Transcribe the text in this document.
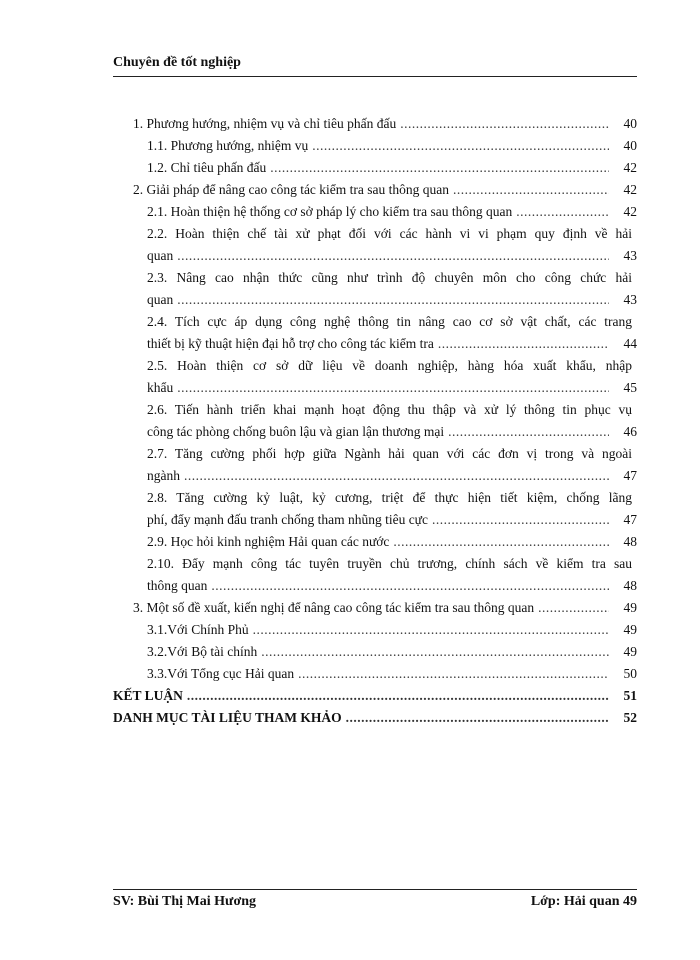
Chuyên đề tốt nghiệp
1. Phương hướng, nhiệm vụ và chỉ tiêu phấn đấu .....	40
1.1. Phương hướng, nhiệm vụ .....	40
1.2. Chỉ tiêu phấn đấu .....	42
2. Giải pháp để nâng cao công tác kiểm tra sau thông quan .....	42
2.1. Hoàn thiện hệ thống cơ sở pháp lý cho kiểm tra sau thông quan .....	42
2.2. Hoàn thiện chế tài xử phạt đối với các hành vi vi phạm quy định về hải
quan .....	43
2.3. Nâng cao nhận thức cũng như trình độ chuyên môn cho công chức hải
quan .....	43
2.4. Tích cực áp dụng công nghệ thông tin nâng cao cơ sở vật chất, các trang
thiết bị kỹ thuật hiện đại hỗ trợ cho công tác kiểm tra .....	44
2.5. Hoàn thiện cơ sở dữ liệu về doanh nghiệp, hàng hóa xuất khẩu, nhập
khẩu .....	45
2.6. Tiến hành triển khai mạnh hoạt động thu thập và xử lý thông tin phục vụ
công tác phòng chống buôn lậu và gian lận thương mại .....	46
2.7. Tăng cường phối hợp giữa Ngành hải quan với các đơn vị trong và ngoài
ngành .....	47
2.8. Tăng cường kỷ luật, kỷ cương, triệt để thực hiện tiết kiệm, chống lãng
phí, đẩy mạnh đấu tranh chống tham nhũng tiêu cực .....	47
2.9. Học hỏi kinh nghiệm Hải quan các nước .....	48
2.10. Đẩy mạnh công tác tuyên truyền chủ trương, chính sách về kiểm tra sau
thông quan .....	48
3. Một số đề xuất, kiến nghị để nâng cao công tác kiểm tra sau thông quan .....	49
3.1.Với Chính Phủ .....	49
3.2.Với Bộ tài chính .....	49
3.3.Với Tổng cục Hải quan .....	50
KẾT LUẬN .....	51
DANH MỤC TÀI LIỆU THAM KHẢO .....	52
SV: Bùi Thị Mai Hương	Lớp: Hải quan 49
